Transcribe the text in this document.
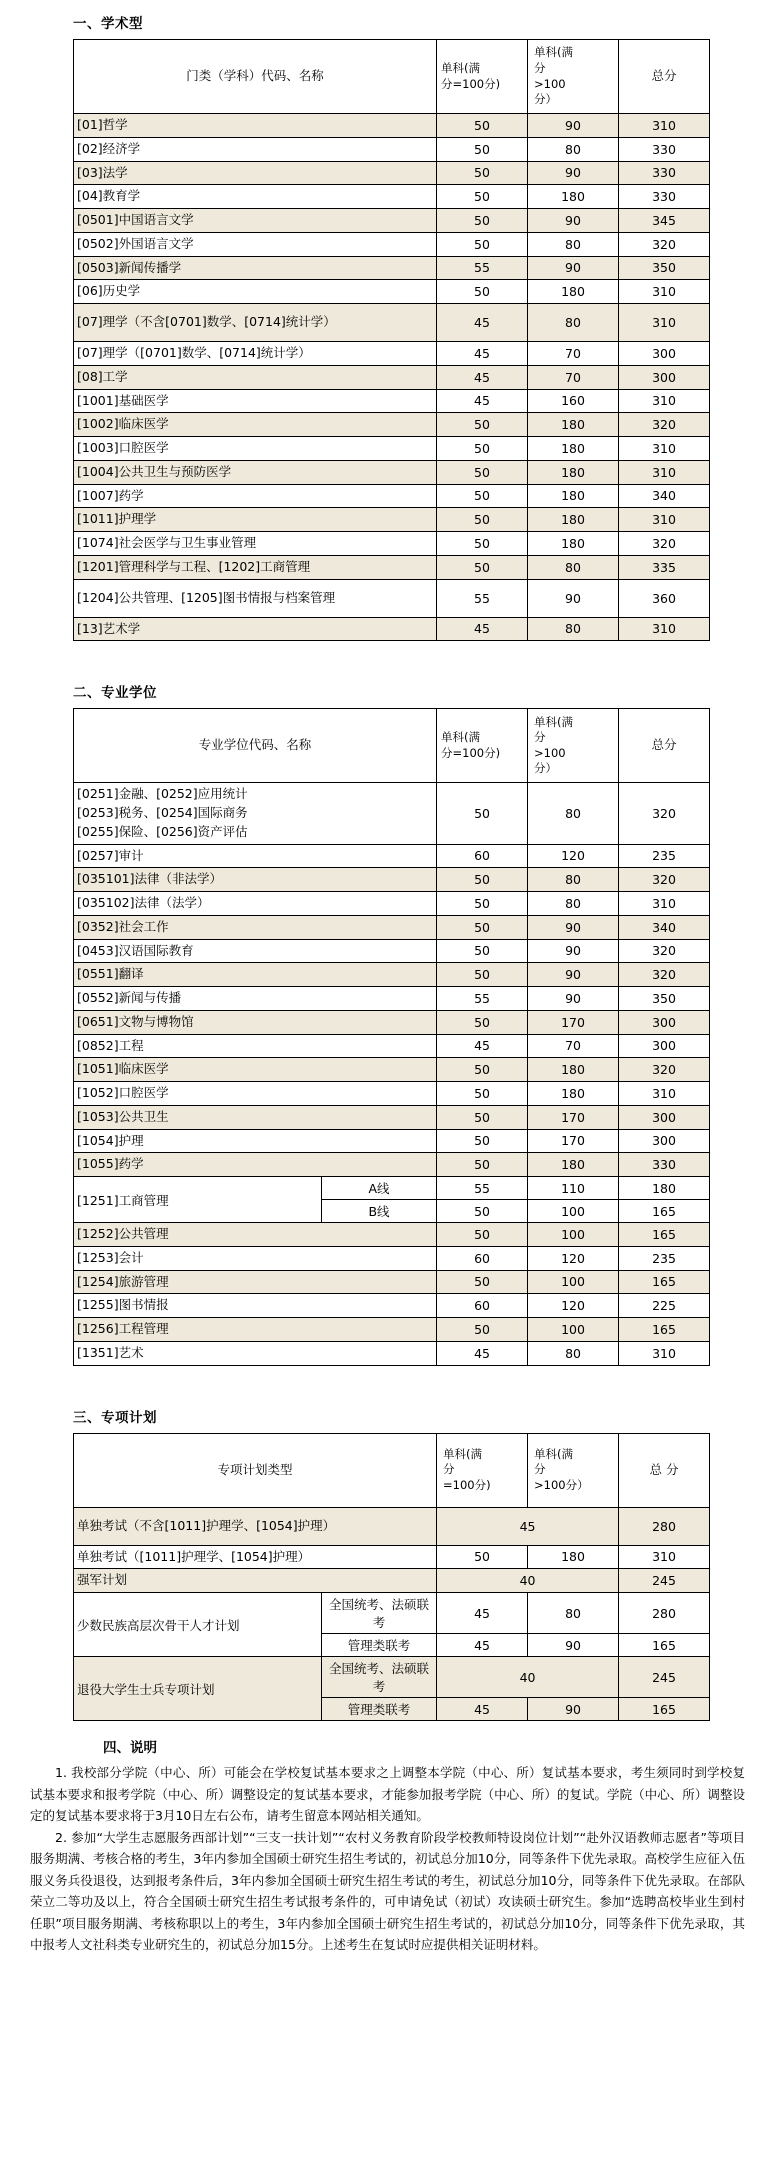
一、学术型
门类（学科）代码、名称	单科(满
分=100分)	单科(满
分
>100
分）	总分
[01]哲学	50	90	310
[02]经济学	50	80	330
[03]法学	50	90	330
[04]教育学	50	180	330
[0501]中国语言文学	50	90	345
[0502]外国语言文学	50	80	320
[0503]新闻传播学	55	90	350
[06]历史学	50	180	310
[07]理学（不含[0701]数学、[0714]统计学）	45	80	310
[07]理学（[0701]数学、[0714]统计学）	45	70	300
[08]工学	45	70	300
[1001]基础医学	45	160	310
[1002]临床医学	50	180	320
[1003]口腔医学	50	180	310
[1004]公共卫生与预防医学	50	180	310
[1007]药学	50	180	340
[1011]护理学	50	180	310
[1074]社会医学与卫生事业管理	50	180	320
[1201]管理科学与工程、[1202]工商管理	50	80	335
[1204]公共管理、[1205]图书情报与档案管理	55	90	360
[13]艺术学	45	80	310
二、专业学位
专业学位代码、名称		单科(满
分=100分)	单科(满
分
>100
分）	总分
[0251]金融、[0252]应用统计
[0253]税务、[0254]国际商务
[0255]保险、[0256]资产评估		50	80	320
[0257]审计		60	120	235
[035101]法律（非法学）		50	80	320
[035102]法律（法学）		50	80	310
[0352]社会工作		50	90	340
[0453]汉语国际教育		50	90	320
[0551]翻译		50	90	320
[0552]新闻与传播		55	90	350
[0651]文物与博物馆		50	170	300
[0852]工程		45	70	300
[1051]临床医学		50	180	320
[1052]口腔医学		50	180	310
[1053]公共卫生		50	170	300
[1054]护理		50	170	300
[1055]药学		50	180	330
[1251]工商管理	A线	55	110	180
	B线	50	100	165
[1252]公共管理		50	100	165
[1253]会计		60	120	235
[1254]旅游管理		50	100	165
[1255]图书情报		60	120	225
[1256]工程管理		50	100	165
[1351]艺术		45	80	310
三、专项计划
专项计划类型		单科(满
分
=100分)	单科(满
分
>100分）	总 分
单独考试（不含[1011]护理学、[1054]护理）		45		280
单独考试（[1011]护理学、[1054]护理）		50	180	310
强军计划		40		245
少数民族高层次骨干人才计划	全国统考、法硕联考	45	80	280
	管理类联考	45	90	165
退役大学生士兵专项计划	全国统考、法硕联考	40		245
	管理类联考	45	90	165
四、说明

1. 我校部分学院（中心、所）可能会在学校复试基本要求之上调整本学院（中心、所）复试基本要求，考生须同时到学校复试基本要求和报考学院（中心、所）调整设定的复试基本要求，才能参加报考学院（中心、所）的复试。学院（中心、所）调整设定的复试基本要求将于3月10日左右公布，请考生留意本网站相关通知。

2. 参加“大学生志愿服务西部计划”“三支一扶计划”“农村义务教育阶段学校教师特设岗位计划”“赴外汉语教师志愿者”等项目服务期满、考核合格的考生，3年内参加全国硕士研究生招生考试的，初试总分加10分，同等条件下优先录取。高校学生应征入伍服义务兵役退役，达到报考条件后，3年内参加全国硕士研究生招生考试的考生，初试总分加10分，同等条件下优先录取。在部队荣立二等功及以上，符合全国硕士研究生招生考试报考条件的，可申请免试（初试）攻读硕士研究生。参加“选聘高校毕业生到村任职”项目服务期满、考核称职以上的考生，3年内参加全国硕士研究生招生考试的，初试总分加10分，同等条件下优先录取，其中报考人文社科类专业研究生的，初试总分加15分。上述考生在复试时应提供相关证明材料。
